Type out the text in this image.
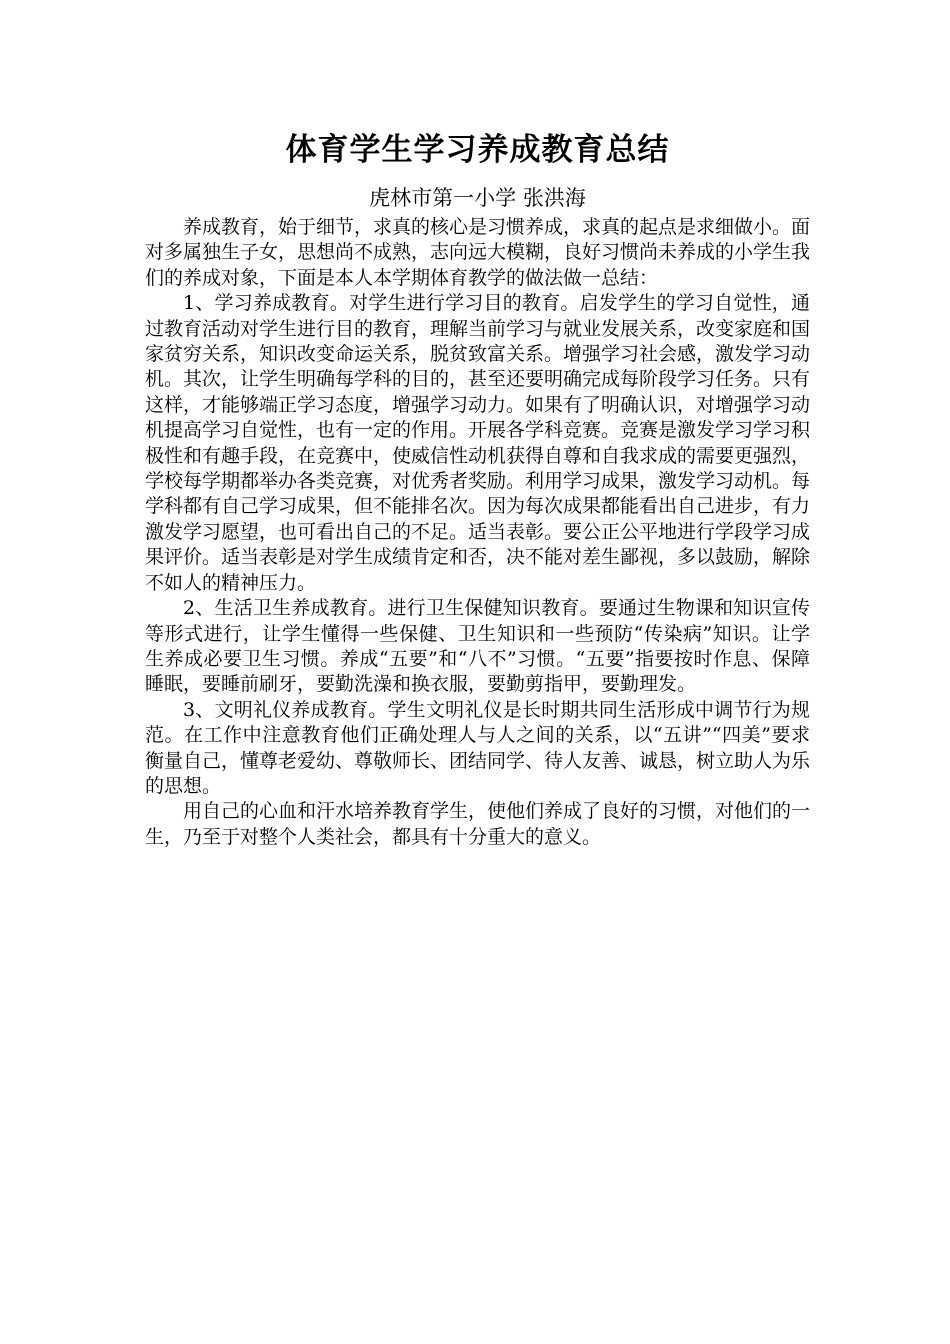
体育学生学习养成教育总结
虎林市第一小学 张洪海

养成教育，始于细节，求真的核心是习惯养成，求真的起点是求细做小。面对多属独生子女，思想尚不成熟，志向远大模糊，良好习惯尚未养成的小学生我们的养成对象，下面是本人本学期体育教学的做法做一总结：

1、学习养成教育。对学生进行学习目的教育。启发学生的学习自觉性，通过教育活动对学生进行目的教育，理解当前学习与就业发展关系，改变家庭和国家贫穷关系，知识改变命运关系，脱贫致富关系。增强学习社会感，激发学习动机。其次，让学生明确每学科的目的，甚至还要明确完成每阶段学习任务。只有这样，才能够端正学习态度，增强学习动力。如果有了明确认识，对增强学习动机提高学习自觉性，也有一定的作用。开展各学科竞赛。竞赛是激发学习学习积极性和有趣手段，在竞赛中，使威信性动机获得自尊和自我求成的需要更强烈，学校每学期都举办各类竞赛，对优秀者奖励。利用学习成果，激发学习动机。每学科都有自己学习成果，但不能排名次。因为每次成果都能看出自己进步，有力激发学习愿望，也可看出自己的不足。适当表彰。要公正公平地进行学段学习成果评价。适当表彰是对学生成绩肯定和否，决不能对差生鄙视，多以鼓励，解除不如人的精神压力。

2、生活卫生养成教育。进行卫生保健知识教育。要通过生物课和知识宣传等形式进行，让学生懂得一些保健、卫生知识和一些预防“传染病”知识。让学生养成必要卫生习惯。养成“五要”和“八不”习惯。“五要”指要按时作息、保障睡眠，要睡前刷牙，要勤洗澡和换衣服，要勤剪指甲，要勤理发。

3、文明礼仪养成教育。学生文明礼仪是长时期共同生活形成中调节行为规范。在工作中注意教育他们正确处理人与人之间的关系，以“五讲”“四美”要求衡量自己，懂尊老爱幼、尊敬师长、团结同学、待人友善、诚恳，树立助人为乐的思想。

用自己的心血和汗水培养教育学生，使他们养成了良好的习惯，对他们的一生，乃至于对整个人类社会，都具有十分重大的意义。
